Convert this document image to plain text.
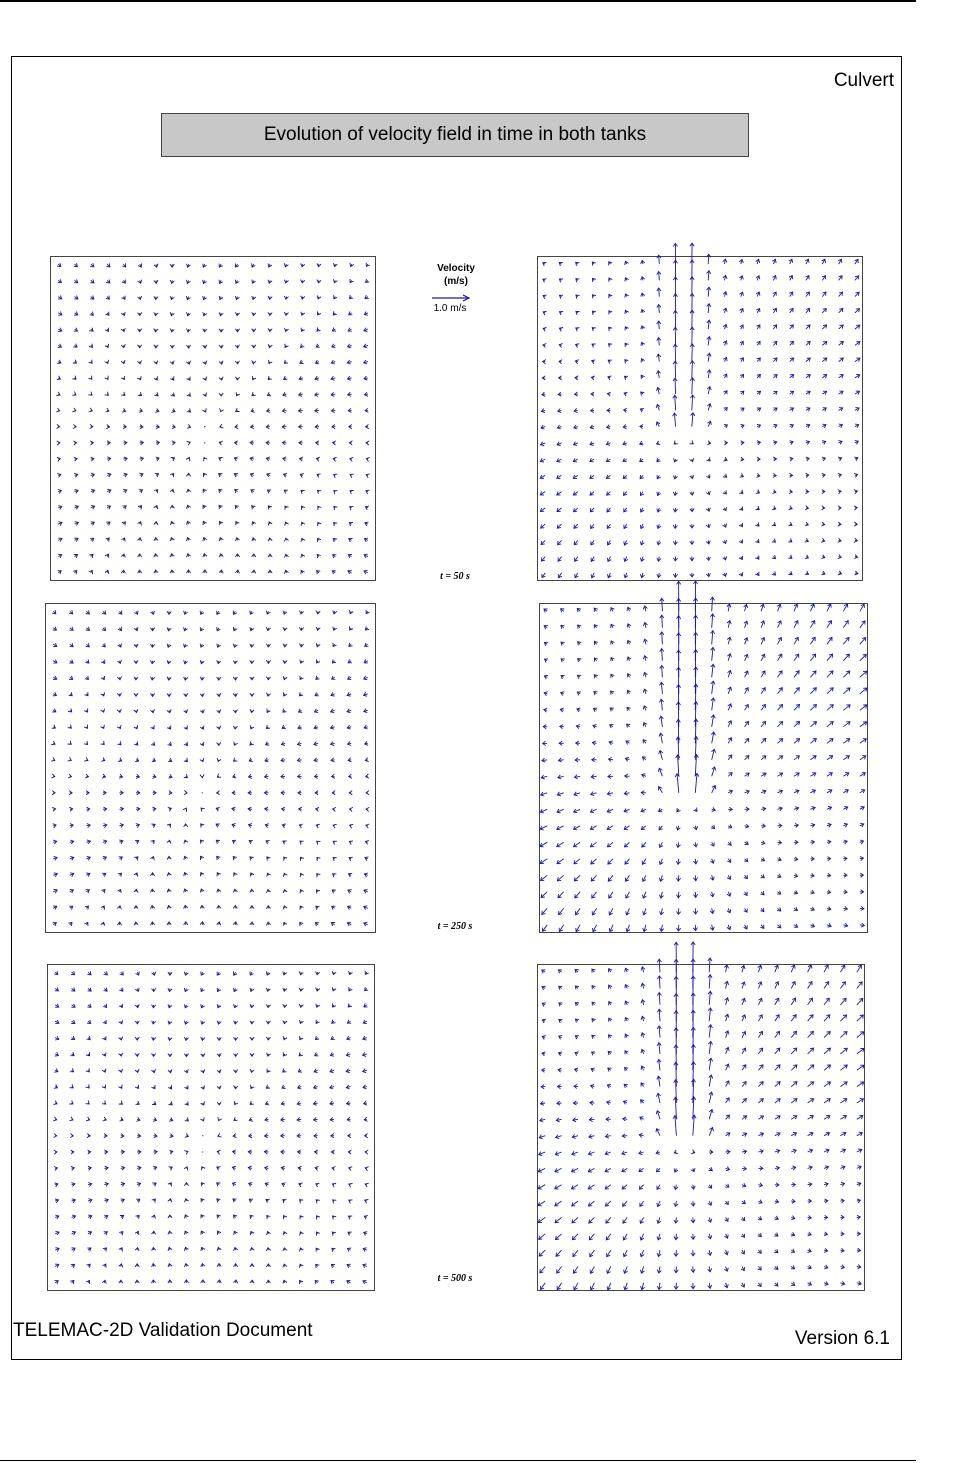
Culvert
Evolution of velocity field in time in both tanks
Velocity
(m/s)
1.0 m/s
t = 50 s
t = 250 s
t = 500 s
TELEMAC-2D Validation Document	Version 6.1
